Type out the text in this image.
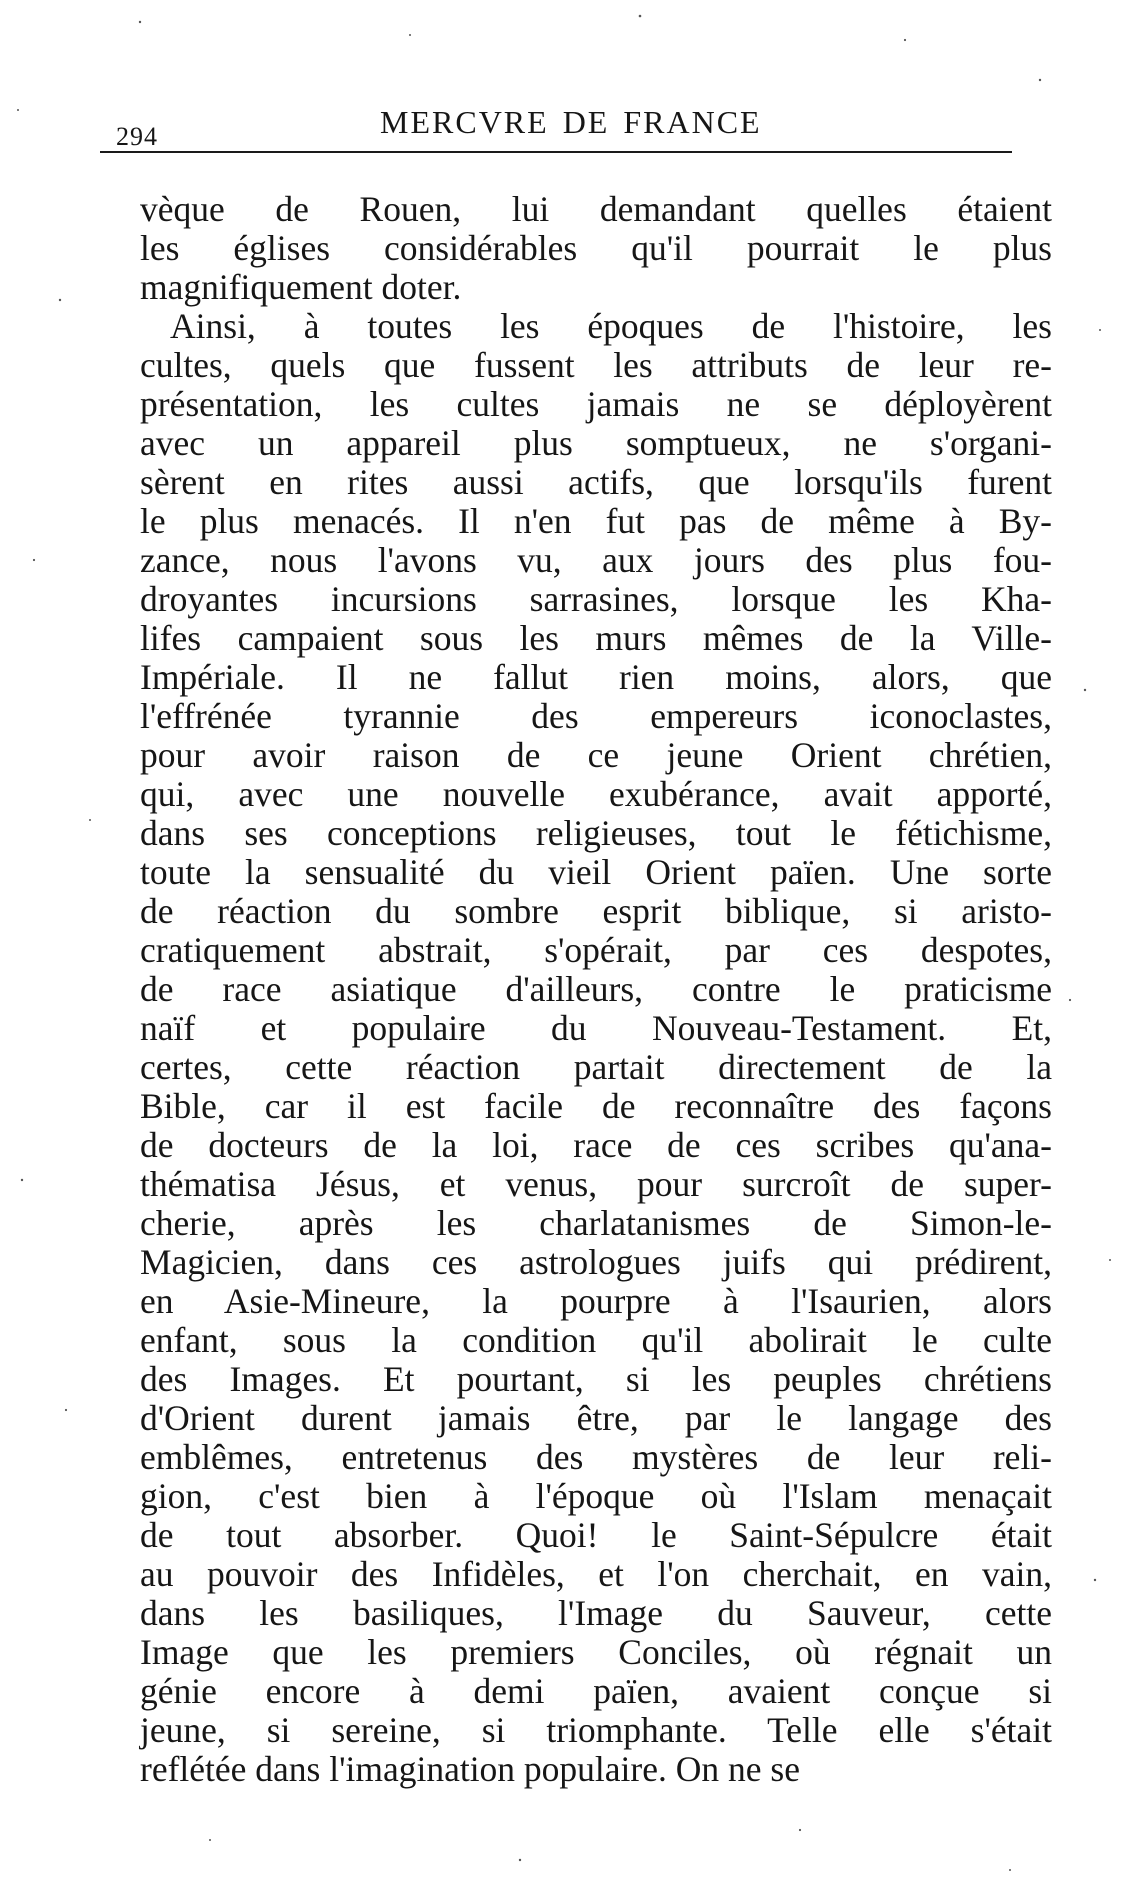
294	MERCVRE DE FRANCE
vèque de Rouen, lui demandant quelles étaient
les églises considérables qu'il pourrait le plus
magnifiquement doter.
Ainsi, à toutes les époques de l'histoire, les
cultes, quels que fussent les attributs de leur re-
présentation, les cultes jamais ne se déployèrent
avec un appareil plus somptueux, ne s'organi-
sèrent en rites aussi actifs, que lorsqu'ils furent
le plus menacés. Il n'en fut pas de même à By-
zance, nous l'avons vu, aux jours des plus fou-
droyantes incursions sarrasines, lorsque les Kha-
lifes campaient sous les murs mêmes de la Ville-
Impériale. Il ne fallut rien moins, alors, que
l'effrénée tyrannie des empereurs iconoclastes,
pour avoir raison de ce jeune Orient chrétien,
qui, avec une nouvelle exubérance, avait apporté,
dans ses conceptions religieuses, tout le fétichisme,
toute la sensualité du vieil Orient païen. Une sorte
de réaction du sombre esprit biblique, si aristo-
cratiquement abstrait, s'opérait, par ces despotes,
de race asiatique d'ailleurs, contre le praticisme
naïf et populaire du Nouveau-Testament. Et,
certes, cette réaction partait directement de la
Bible, car il est facile de reconnaître des façons
de docteurs de la loi, race de ces scribes qu'ana-
thématisa Jésus, et venus, pour surcroît de super-
cherie, après les charlatanismes de Simon-le-
Magicien, dans ces astrologues juifs qui prédirent,
en Asie-Mineure, la pourpre à l'Isaurien, alors
enfant, sous la condition qu'il abolirait le culte
des Images. Et pourtant, si les peuples chrétiens
d'Orient durent jamais être, par le langage des
emblêmes, entretenus des mystères de leur reli-
gion, c'est bien à l'époque où l'Islam menaçait
de tout absorber. Quoi! le Saint-Sépulcre était
au pouvoir des Infidèles, et l'on cherchait, en vain,
dans les basiliques, l'Image du Sauveur, cette
Image que les premiers Conciles, où régnait un
génie encore à demi païen, avaient conçue si
jeune, si sereine, si triomphante. Telle elle s'était
reflétée dans l'imagination populaire. On ne se
